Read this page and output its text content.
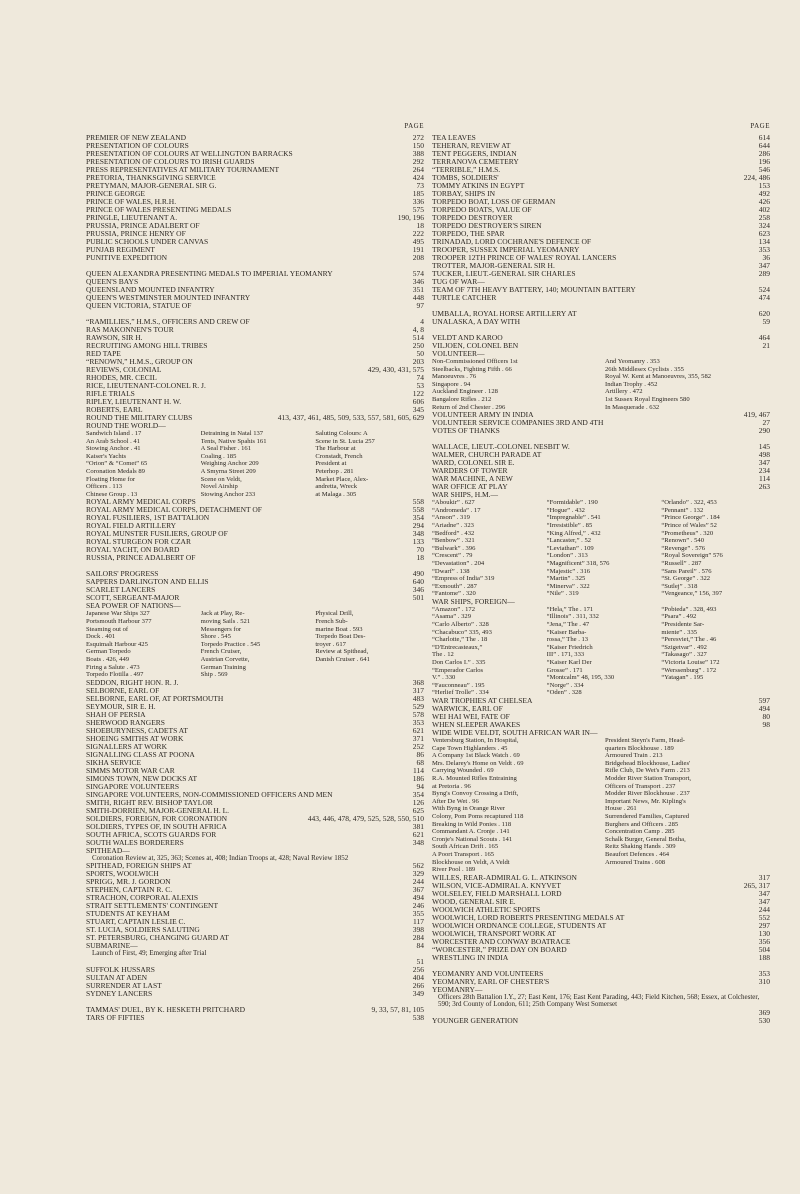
PAGE
PREMIER OF NEW ZEALAND	272
PRESENTATION OF COLOURS	150
PRESENTATION OF COLOURS AT WELLINGTON BARRACKS	388
PRESENTATION OF COLOURS TO IRISH GUARDS	292
PRESS REPRESENTATIVES AT MILITARY TOURNAMENT	264
PRETORIA, THANKSGIVING SERVICE	424
PRETYMAN, MAJOR-GENERAL SIR G.	73
PRINCE GEORGE	185
PRINCE OF WALES, H.R.H.	336
PRINCE OF WALES PRESENTING MEDALS	575
PRINGLE, LIEUTENANT A.	190, 196
PRUSSIA, PRINCE ADALBERT OF	18
PRUSSIA, PRINCE HENRY OF	222
PUBLIC SCHOOLS UNDER CANVAS	495
PUNJAB REGIMENT	191
PUNITIVE EXPEDITION	208
QUEEN ALEXANDRA PRESENTING MEDALS TO IMPERIAL YEOMANRY	574
QUEEN'S BAYS	346
QUEENSLAND MOUNTED INFANTRY	351
QUEEN'S WESTMINSTER MOUNTED INFANTRY	448
QUEEN VICTORIA, STATUE OF	97
“RAMILLIES,” H.M.S., OFFICERS AND CREW OF	4
RAS MAKONNEN'S TOUR	4, 8
RAWSON, SIR H.	514
RECRUITING AMONG HILL TRIBES	250
RED TAPE	50
“RENOWN,” H.M.S., GROUP ON	203
REVIEWS, COLONIAL	429, 430, 431, 575
RHODES, MR. CECIL	74
RICE, LIEUTENANT-COLONEL R. J.	53
RIFLE TRIALS	122
RIPLEY, LIEUTENANT H. W.	606
ROBERTS, EARL	345
ROUND THE MILITARY CLUBS	413, 437, 461, 485, 509, 533, 557, 581, 605, 629
ROUND THE WORLD—
Sandwich Island . 17	Detraining in Natal 137	Saluting Colours: A
An Arab School . 41	Tents, Native Spahis 161	Scene in St. Lucia 257
Stowing Anchor . 41	A Seal Fisher . 161	The Harbour at
Kaiser's Yachts	Coaling . 185	Cronstadt, French
“Orion” & “Comet” 65	Weighing Anchor 209	President at
Coronation Medals 89	A Smyrna Street 209	Peterhop . 281
Floating Home for	Scene on Veldt,	Market Place, Alex-
Officers . 113	Novel Airship	andretta, Wreck
Chinese Group . 13	Stowing Anchor 233	at Malaga . 305
ROYAL ARMY MEDICAL CORPS	558
ROYAL ARMY MEDICAL CORPS, DETACHMENT OF	558
ROYAL FUSILIERS, 1ST BATTALION	354
ROYAL FIELD ARTILLERY	294
ROYAL MUNSTER FUSILIERS, GROUP OF	348
ROYAL STURGEON FOR CZAR	133
ROYAL YACHT, ON BOARD	70
RUSSIA, PRINCE ADALBERT OF	18
SAILORS' PROGRESS	490
SAPPERS DARLINGTON AND ELLIS	640
SCARLET LANCERS	346
SCOTT, SERGEANT-MAJOR	501
SEA POWER OF NATIONS—
Japanese War Ships 327	Jack at Play, Re-	Physical Drill,
Portsmouth Harbour 377	moving Sails . 521	French Sub-
Steaming out of	Messengers for	marine Boat . 593
Dock . 401	Shore . 545	Torpedo Boat Des-
Esquimalt Harbour 425	Torpedo Practice . 545	troyer . 617
German Torpedo	French Cruiser,	Review at Spithead,
Boats . 426, 449	Austrian Corvette,	Danish Cruiser . 641
Firing a Salute . 473	German Training
Torpedo Flotilla . 497	Ship . 569
SEDDON, RIGHT HON. R. J.	368
SELBORNE, EARL OF	317
SELBORNE, EARL OF, AT PORTSMOUTH	483
SEYMOUR, SIR E. H.	529
SHAH OF PERSIA	578
SHERWOOD RANGERS	353
SHOEBURYNESS, CADETS AT	621
SHOEING SMITHS AT WORK	371
SIGNALLERS AT WORK	252
SIGNALLING CLASS AT POONA	86
SIKHA SERVICE	68
SIMMS MOTOR WAR CAR	114
SIMONS TOWN, NEW DOCKS AT	186
SINGAPORE VOLUNTEERS	94
SINGAPORE VOLUNTEERS, NON-COMMISSIONED OFFICERS AND MEN	354
SMITH, RIGHT REV. BISHOP TAYLOR	126
SMITH-DORRIEN, MAJOR-GENERAL H. L.	625
SOLDIERS, FOREIGN, FOR CORONATION	443, 446, 478, 479, 525, 528, 550, 510
SOLDIERS, TYPES OF, IN SOUTH AFRICA	381
SOUTH AFRICA, SCOTS GUARDS FOR	621
SOUTH WALES BORDERERS	348
SPITHEAD—
Coronation Review at, 325, 363; Scenes at, 408; Indian Troops at, 428; Naval Review 1852
SPITHEAD, FOREIGN SHIPS AT	562
SPORTS, WOOLWICH	329
SPRIGG, MR. J. GORDON	244
STEPHEN, CAPTAIN R. C.	367
STRACHON, CORPORAL ALEXIS	494
STRAIT SETTLEMENTS' CONTINGENT	246
STUDENTS AT KEYHAM	355
STUART, CAPTAIN LESLIE C.	117
ST. LUCIA, SOLDIERS SALUTING	398
ST. PETERSBURG, CHANGING GUARD AT	284
SUBMARINE—	84
Launch of First, 49; Emerging after Trial
51
SUFFOLK HUSSARS	256
SULTAN AT ADEN	404
SURRENDER AT LAST	266
SYDNEY LANCERS	349
TAMMAS' DUEL, BY K. HESKETH PRITCHARD	9, 33, 57, 81, 105
TARS OF FIFTIES	538
PAGE
TEA LEAVES	614
TEHERAN, REVIEW AT	644
TENT PEGGERS, INDIAN	286
TERRANOVA CEMETERY	196
“TERRIBLE,” H.M.S.	546
TOMBS, SOLDIERS'	224, 486
TOMMY ATKINS IN EGYPT	153
TORBAY, SHIPS IN	492
TORPEDO BOAT, LOSS OF GERMAN	426
TORPEDO BOATS, VALUE OF	402
TORPEDO DESTROYER	258
TORPEDO DESTROYER'S SIREN	324
TORPEDO, THE SPAR	623
TRINADAD, LORD COCHRANE'S DEFENCE OF	134
TROOPER, SUSSEX IMPERIAL YEOMANRY	353
TROOPER 12TH PRINCE OF WALES' ROYAL LANCERS	36
TROTTER, MAJOR-GENERAL SIR H.	347
TUCKER, LIEUT.-GENERAL SIR CHARLES	289
TUG OF WAR—
TEAM OF 7TH HEAVY BATTERY, 140; MOUNTAIN BATTERY	524
TURTLE CATCHER	474
UMBALLA, ROYAL HORSE ARTILLERY AT	620
UNALASKA, A DAY WITH	59
VELDT AND KAROO	464
VILJOEN, COLONEL BEN	21
VOLUNTEER—
Non-Commissioned Officers 1st	And Yeomanry . 353
Steelbacks, Fighting Fifth . 66	26th Middlesex Cyclists . 355
Manoeuvres . 76	Royal W. Kent at Manoeuvres, 355, 582
Singapore . 94	Indian Trophy . 452
Auckland Engineer . 128	Artillery . 472
Bangalore Rifles . 212	1st Sussex Royal Engineers 580
Return of 2nd Chester . 296	In Masquerade . 632
VOLUNTEER ARMY IN INDIA	419, 467
VOLUNTEER SERVICE COMPANIES 3RD AND 4TH	27
VOTES OF THANKS	290
WALLACE, LIEUT.-COLONEL NESBIT W.	145
WALMER, CHURCH PARADE AT	498
WARD, COLONEL SIR E.	347
WARDERS OF TOWER	234
WAR MACHINE, A NEW	114
WAR OFFICE AT PLAY	263
WAR SHIPS, H.M.—
“Aboukir” . 627	“Formidable” . 190	“Orlando” . 322, 453
“Andromeda” . 17	“Hogue” . 432	“Pennant” . 132
“Anson” . 319	“Impregnable” . 541	“Prince George” . 184
“Ariadne” . 323	“Irresistible” . 85	“Prince of Wales” 52
“Bedford” . 432	“King Alfred,” . 432	“Prometheus” . 320
“Benbow” . 321	“Lancaster,” . 52	“Renown” . 540
“Bulwark” . 396	“Leviathan” . 109	“Revenge” . 576
“Crescent” . 79	“London” . 313	“Royal Sovereign” 576
“Devastation” . 204	“Magnificent” 318, 576	“Russell” . 287
“Dwarf” . 138	“Majestic” . 316	“Sans Pareil” . 576
“Empress of India” 319	“Martin” . 325	“St. George” . 322
“Exmouth” . 287	“Minerva” . 322	“Sutlej” . 318
“Fantome” . 320	“Nile” . 319	“Vengeance,” 156, 397
WAR SHIPS, FOREIGN—
“Amazon” . 172	“Hela,” The . 171	“Pobieda” . 328, 493
“Asama” . 329	“Illinois” . 311, 332	“Psara” . 492
“Carlo Alberto” . 328	“Jena,” The . 47	“Presidente Sar-
“Chacabuco” 335, 493	“Kaiser Barba-	miente” . 335
“Charlotte,” The . 18	rossa,” The . 13	“Peresviet,” The . 46
“D'Entrecasteaux,”	“Kaiser Friedrich	“Szigetvar” . 492
The . 12	III” . 171, 333	“Takasago” . 327
Don Carlos I.” . 335	“Kaiser Karl Der	“Victoria Louise” 172
“Emperador Carlos	Grosse” . 171	“Werssenburg” . 172
V.” . 330	“Montcalm” 48, 195, 330	“Yatagan” . 195
“Fauconneau” . 195	“Norge” . 334
“Herlief Trolle” . 334	“Oden” . 328
WAR TROPHIES AT CHELSEA	597
WARWICK, EARL OF	494
WEI HAI WEI, FATE OF	80
WHEN SLEEPER AWAKES	98
WIDE WIDE VELDT, SOUTH AFRICAN WAR IN—
Ventersburg Station, In Hospital,	President Steyn's Farm, Head-
Cape Town Highlanders . 45	quarters Blockhouse . 189
A Company 1st Black Watch . 69	Armoured Train . 213
Mrs. Delarey's Home on Veldt . 69	Bridgehead Blockhouse, Ladies'
Carrying Wounded . 69	Rifle Club, De Wet's Farm . 213
R.A. Mounted Rifles Entraining	Modder River Station Transport,
at Pretoria . 96	Officers of Transport . 237
Byng's Convoy Crossing a Drift,	Modder River Blockhouse . 237
After De Wet . 96	Important News, Mr. Kipling's
With Byng in Orange River	House . 261
Colony, Pom Poms recaptured 118	Surrendered Families, Captured
Breaking in Wild Ponies . 118	Burghers and Officers . 285
Commandant A. Cronje . 141	Concentration Camp . 285
Cronje's National Scouts . 141	Schalk Burger, General Botha,
South African Drift . 165	Reitz Shaking Hands . 309
A Poort Transport . 165	Beaufort Defences . 464
Blockhouse on Veldt, A Veldt	Armoured Trains . 608
River Pool . 189
WILLES, REAR-ADMIRAL G. L. ATKINSON	317
WILSON, VICE-ADMIRAL A. KNYVET	265, 317
WOLSELEY, FIELD MARSHALL LORD	347
WOOD, GENERAL SIR E.	347
WOOLWICH ATHLETIC SPORTS	244
WOOLWICH, LORD ROBERTS PRESENTING MEDALS AT	552
WOOLWICH ORDNANCE COLLEGE, STUDENTS AT	297
WOOLWICH, TRANSPORT WORK AT	130
WORCESTER AND CONWAY BOATRACE	356
“WORCESTER,” PRIZE DAY ON BOARD	504
WRESTLING IN INDIA	188
YEOMANRY AND VOLUNTEERS	353
YEOMANRY, EARL OF CHESTER'S	310
YEOMANRY—
Officers 28th Battalion I.Y., 27; East Kent, 176; East Kent Parading, 443; Field Kitchen, 568; Essex, at Colchester, 590; 3rd County of London, 611; 25th Company West Somerset
369
YOUNGER GENERATION	530
